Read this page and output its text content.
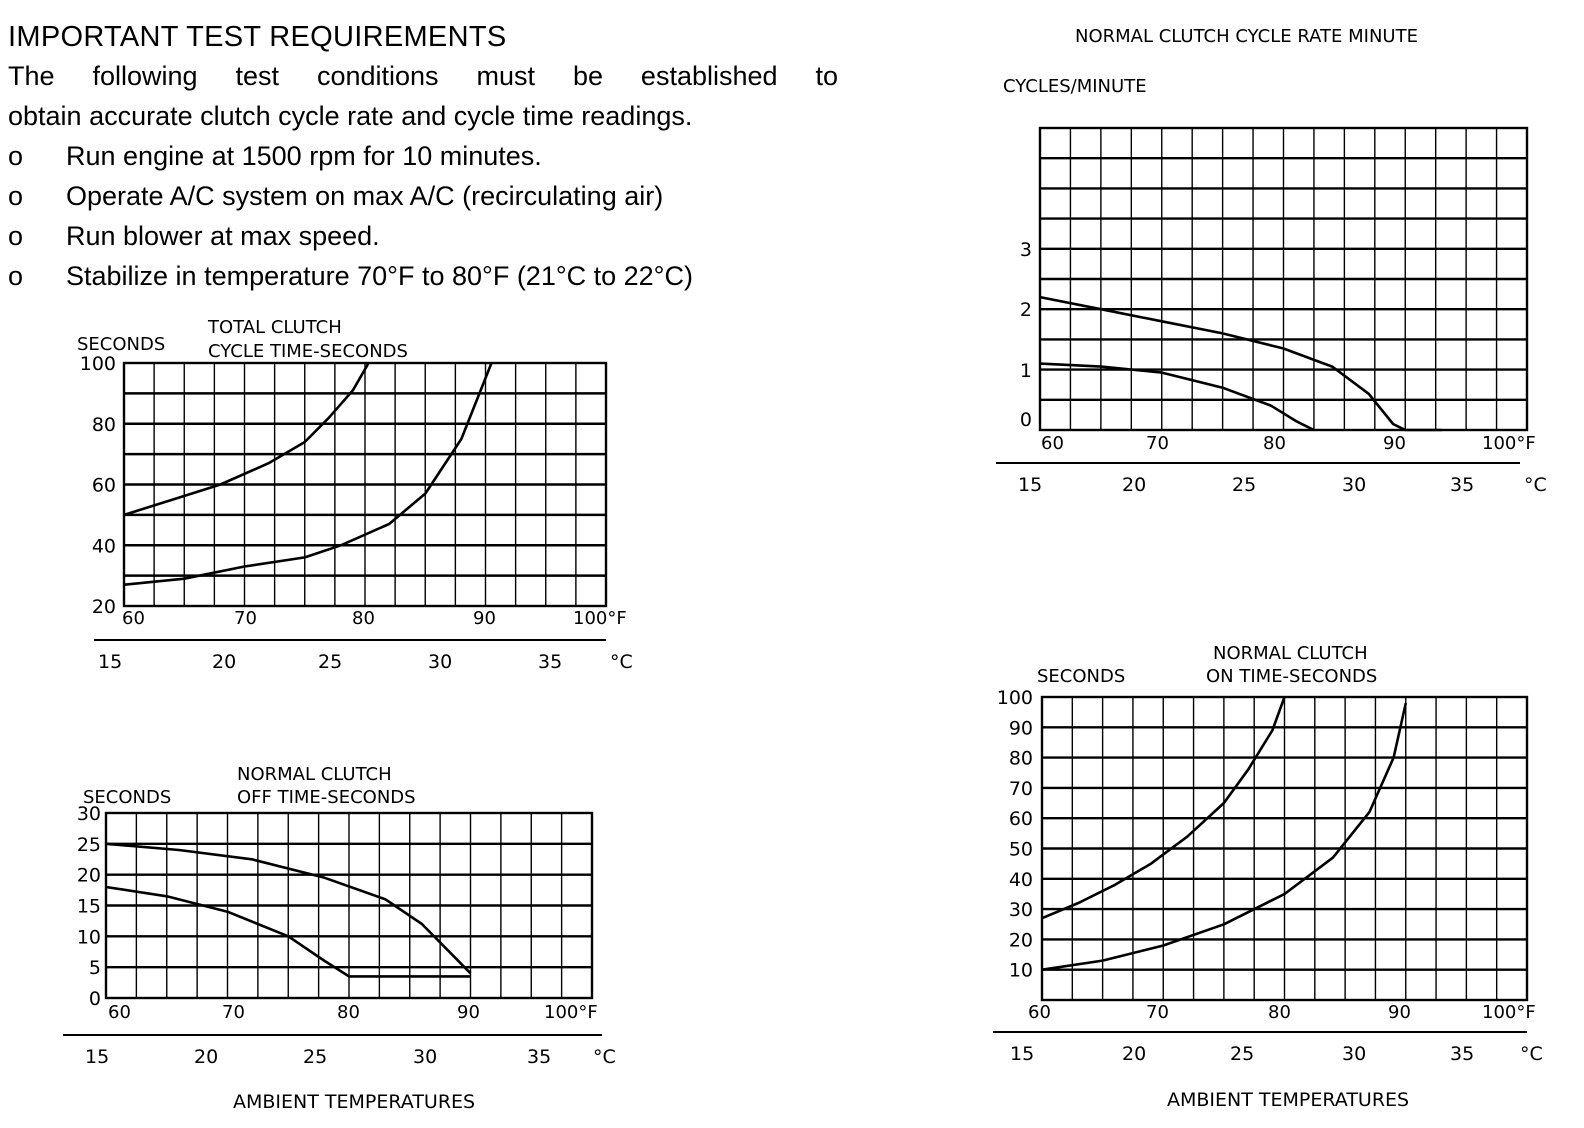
IMPORTANT TEST REQUIREMENTS
The following test conditions must be established to
obtain accurate clutch cycle rate and cycle time readings.
o	Run engine at 1500 rpm for 10 minutes.
o	Operate A/C system on max A/C (recirculating air)
o	Run blower at max speed.
o	Stabilize in temperature 70°F to 80°F (21°C to 22°C)
AMBIENT TEMPERATURES	AMBIENT TEMPERATURES
SECONDS
TOTAL CLUTCH
CYCLE TIME-SECONDS
100
80
60
40
20
60	70	80	90	100°F
15	20	25	30	35	°C
SECONDS
NORMAL CLUTCH
OFF TIME-SECONDS
30
25
20
15
10
5
0
60	70	80	90	100°F
15	20	25	30	35 °C
CYCLES/MINUTE
NORMAL CLUTCH CYCLE RATE MINUTE
3
2
1
0
60	70	80	90	100°F
15	20	25	30	35	°C
SECONDS
NORMAL CLUTCH
ON TIME-SECONDS
100
90
80
70
60
50
40
30
20
10
60	70	80	90	100°F
15	20	25	30	35 °C
